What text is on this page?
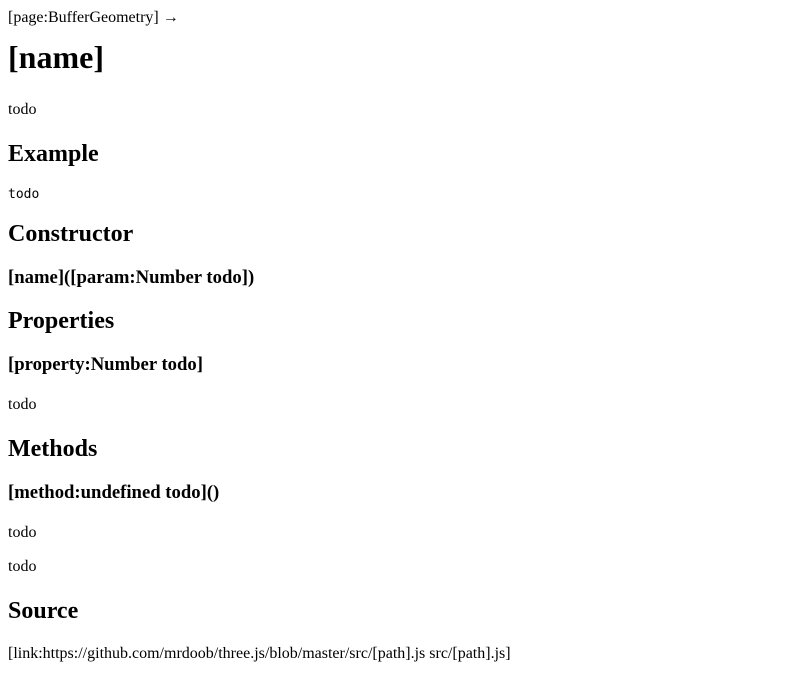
[page:BufferGeometry] →
[name]

todo

Example
todo
Constructor
[name]([param:Number todo])
Properties
[property:Number todo]

todo

Methods
[method:undefined todo]()

todo

todo

Source

[link:https://github.com/mrdoob/three.js/blob/master/src/[path].js src/[path].js]
